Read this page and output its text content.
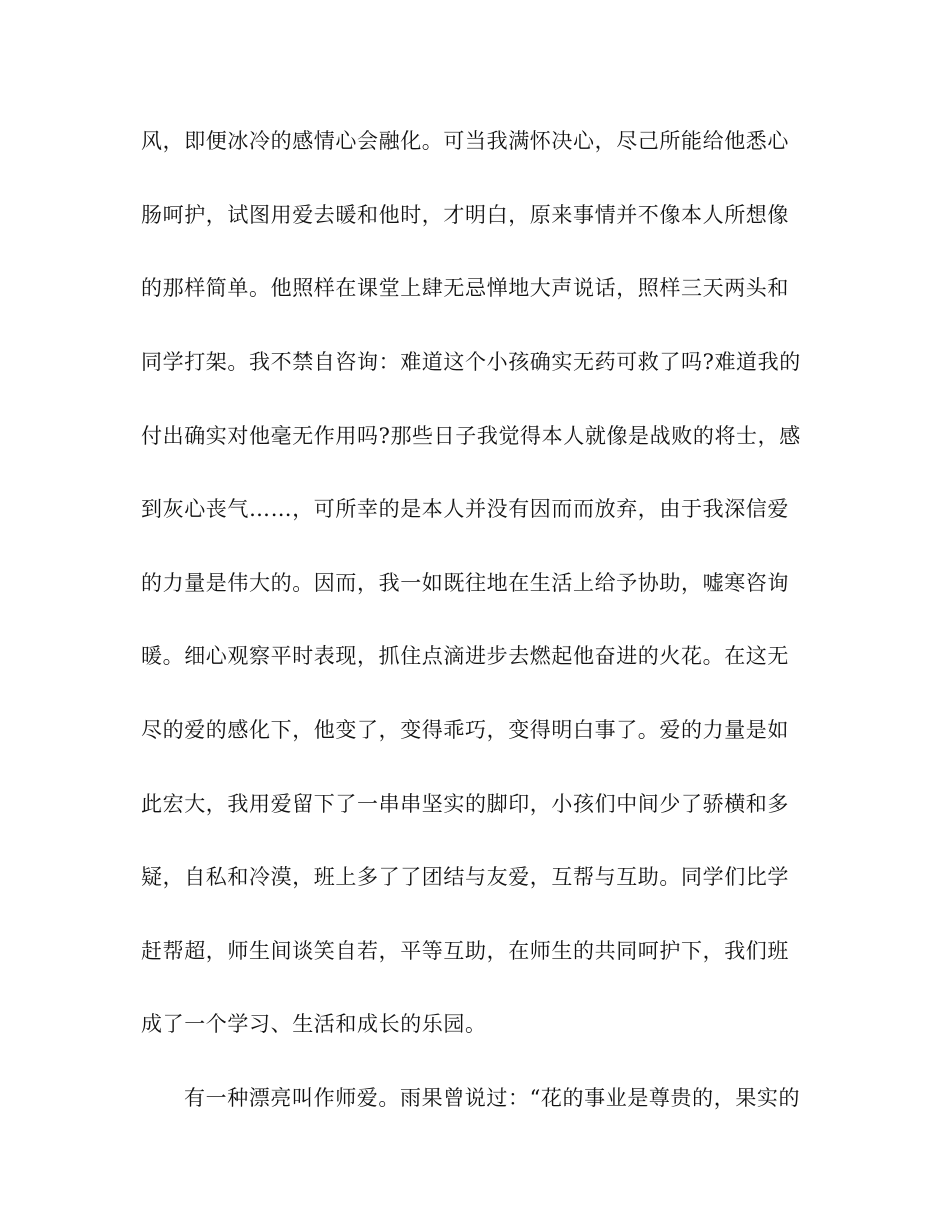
风，即便冰冷的感情心会融化。可当我满怀决心，尽己所能给他悉心
肠呵护，试图用爱去暖和他时，才明白，原来事情并不像本人所想像
的那样简单。他照样在课堂上肆无忌惮地大声说话，照样三天两头和
同学打架。我不禁自咨询：难道这个小孩确实无药可救了吗?难道我的
付出确实对他毫无作用吗?那些日子我觉得本人就像是战败的将士，感
到灰心丧气……，可所幸的是本人并没有因而而放弃，由于我深信爱
的力量是伟大的。因而，我一如既往地在生活上给予协助，嘘寒咨询
暖。细心观察平时表现，抓住点滴进步去燃起他奋进的火花。在这无
尽的爱的感化下，他变了，变得乖巧，变得明白事了。爱的力量是如
此宏大，我用爱留下了一串串坚实的脚印，小孩们中间少了骄横和多
疑，自私和冷漠，班上多了了团结与友爱，互帮与互助。同学们比学
赶帮超，师生间谈笑自若，平等互助，在师生的共同呵护下，我们班
成了一个学习、生活和成长的乐园。
有一种漂亮叫作师爱。雨果曾说过：“花的事业是尊贵的，果实的
